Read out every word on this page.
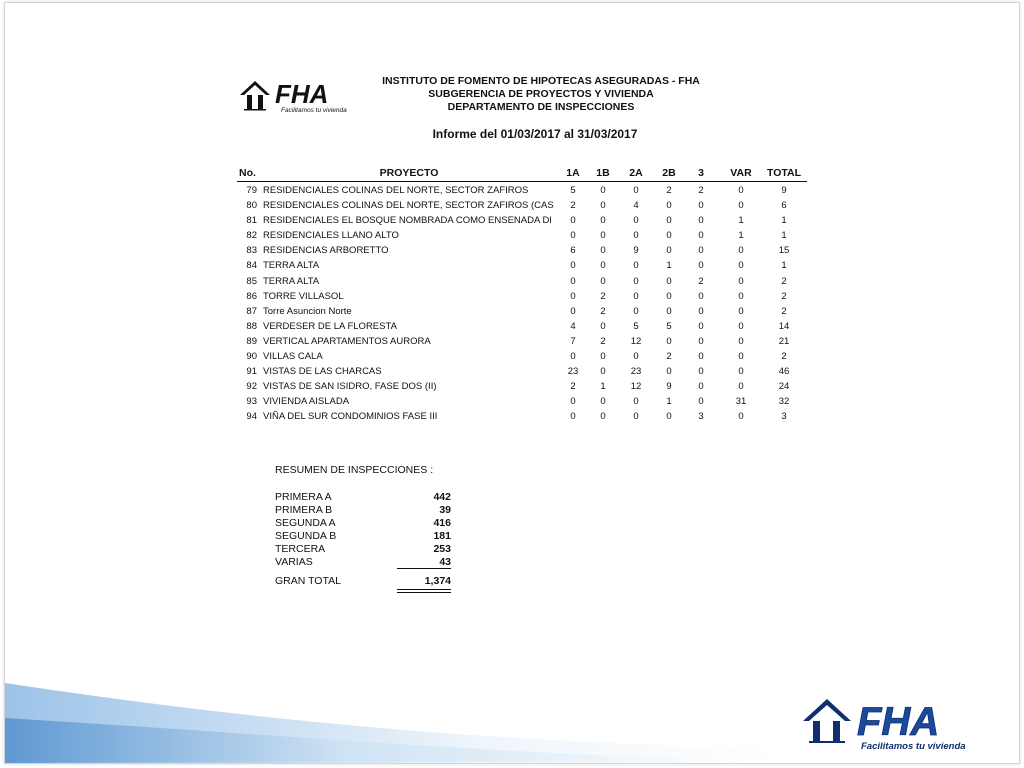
FHA
Facilitamos tu vivienda
INSTITUTO DE FOMENTO DE HIPOTECAS ASEGURADAS - FHA
SUBGERENCIA DE PROYECTOS Y VIVIENDA
DEPARTAMENTO DE INSPECCIONES
Informe del 01/03/2017 al 31/03/2017
No.	PROYECTO	1A	1B	2A	2B	3	VAR	TOTAL
79 RESIDENCIALES COLINAS DEL NORTE, SECTOR ZAFIROS	5	0	0	2	2	0	9
80 RESIDENCIALES COLINAS DEL NORTE, SECTOR ZAFIROS (CAS	2	0	4	0	0	0	6
81 RESIDENCIALES EL BOSQUE NOMBRADA COMO ENSENADA DI	0	0	0	0	0	1	1
82 RESIDENCIALES LLANO ALTO	0	0	0	0	0	1	1
83 RESIDENCIAS ARBORETTO	6	0	9	0	0	0	15
84 TERRA ALTA	0	0	0	1	0	0	1
85 TERRA ALTA	0	0	0	0	2	0	2
86 TORRE VILLASOL	0	2	0	0	0	0	2
87 Torre Asuncion Norte	0	2	0	0	0	0	2
88 VERDESER DE LA FLORESTA	4	0	5	5	0	0	14
89 VERTICAL APARTAMENTOS AURORA	7	2	12	0	0	0	21
90 VILLAS CALA	0	0	0	2	0	0	2
91 VISTAS DE LAS CHARCAS	23	0	23	0	0	0	46
92 VISTAS DE SAN ISIDRO, FASE DOS (II)	2	1	12	9	0	0	24
93 VIVIENDA AISLADA	0	0	0	1	0	31	32
94 VIÑA DEL SUR CONDOMINIOS FASE III	0	0	0	0	3	0	3
RESUMEN DE INSPECCIONES :
PRIMERA A	442
PRIMERA B	39
SEGUNDA A	416
SEGUNDA B	181
TERCERA	253
VARIAS	43
GRAN TOTAL	1,374
FHA
Facilitamos tu vivienda
